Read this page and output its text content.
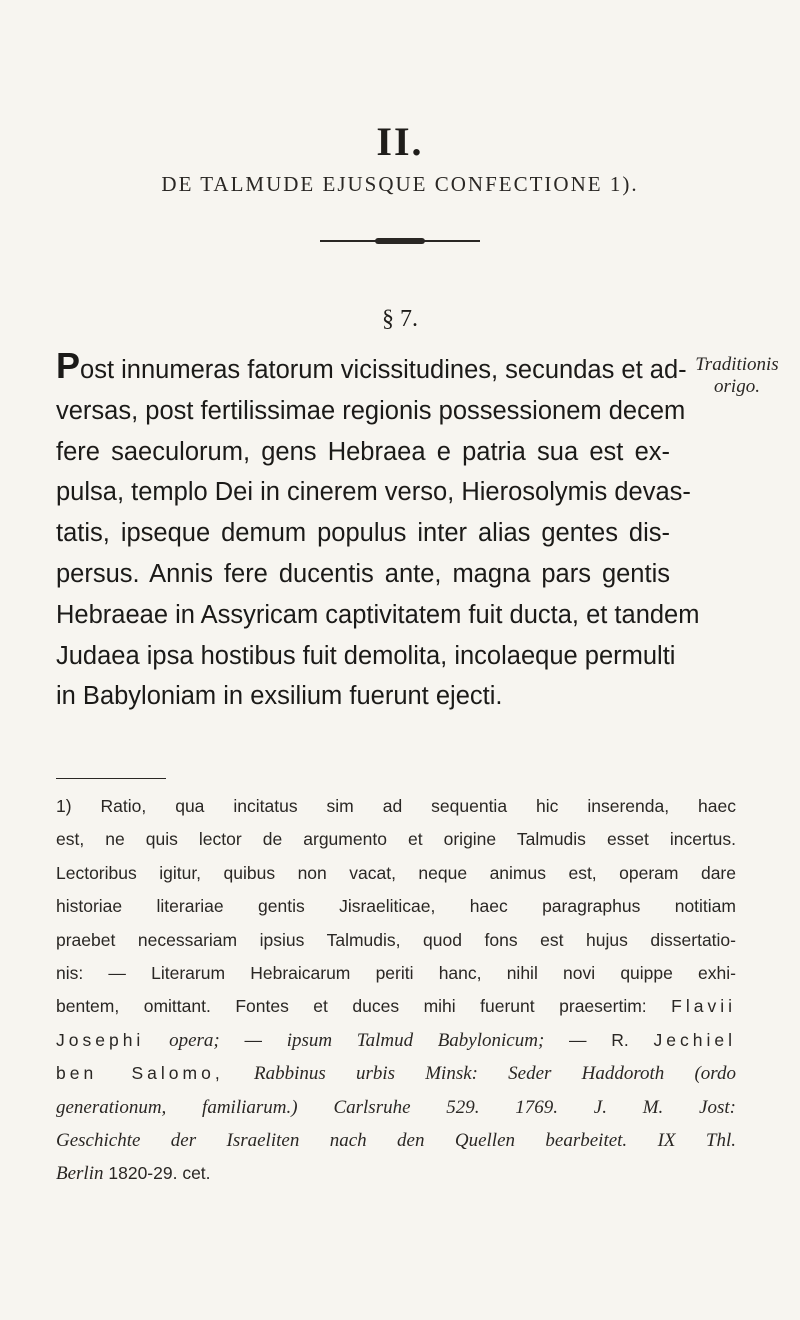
II.
DE TALMUDE EJUSQUE CONFECTIONE 1).
§ 7.
Traditionis
origo.
Post innumeras fatorum vicissitudines, secundas et ad-
versas, post fertilissimae regionis possessionem decem
fere saeculorum, gens Hebraea e patria sua est ex-
pulsa, templo Dei in cinerem verso, Hierosolymis devas-
tatis, ipseque demum populus inter alias gentes dis-
persus. Annis fere ducentis ante, magna pars gentis
Hebraeae in Assyricam captivitatem fuit ducta, et tandem
Judaea ipsa hostibus fuit demolita, incolaeque permulti
in Babyloniam in exsilium fuerunt ejecti.
1) Ratio, qua incitatus sim ad sequentia hic inserenda, haec
est, ne quis lector de argumento et origine Talmudis esset incertus.
Lectoribus igitur, quibus non vacat, neque animus est, operam dare
historiae literariae gentis Jisraeliticae, haec paragraphus notitiam
praebet necessariam ipsius Talmudis, quod fons est hujus dissertatio-
nis: — Literarum Hebraicarum periti hanc, nihil novi quippe exhi-
bentem, omittant. Fontes et duces mihi fuerunt praesertim: Flavii
Josephi opera; — ipsum Talmud Babylonicum; — R. Jechiel
ben Salomo, Rabbinus urbis Minsk: Seder Haddoroth (ordo
generationum, familiarum.) Carlsruhe 529. 1769. J. M. Jost:
Geschichte der Israeliten nach den Quellen bearbeitet. IX Thl.
Berlin 1820-29. cet.
